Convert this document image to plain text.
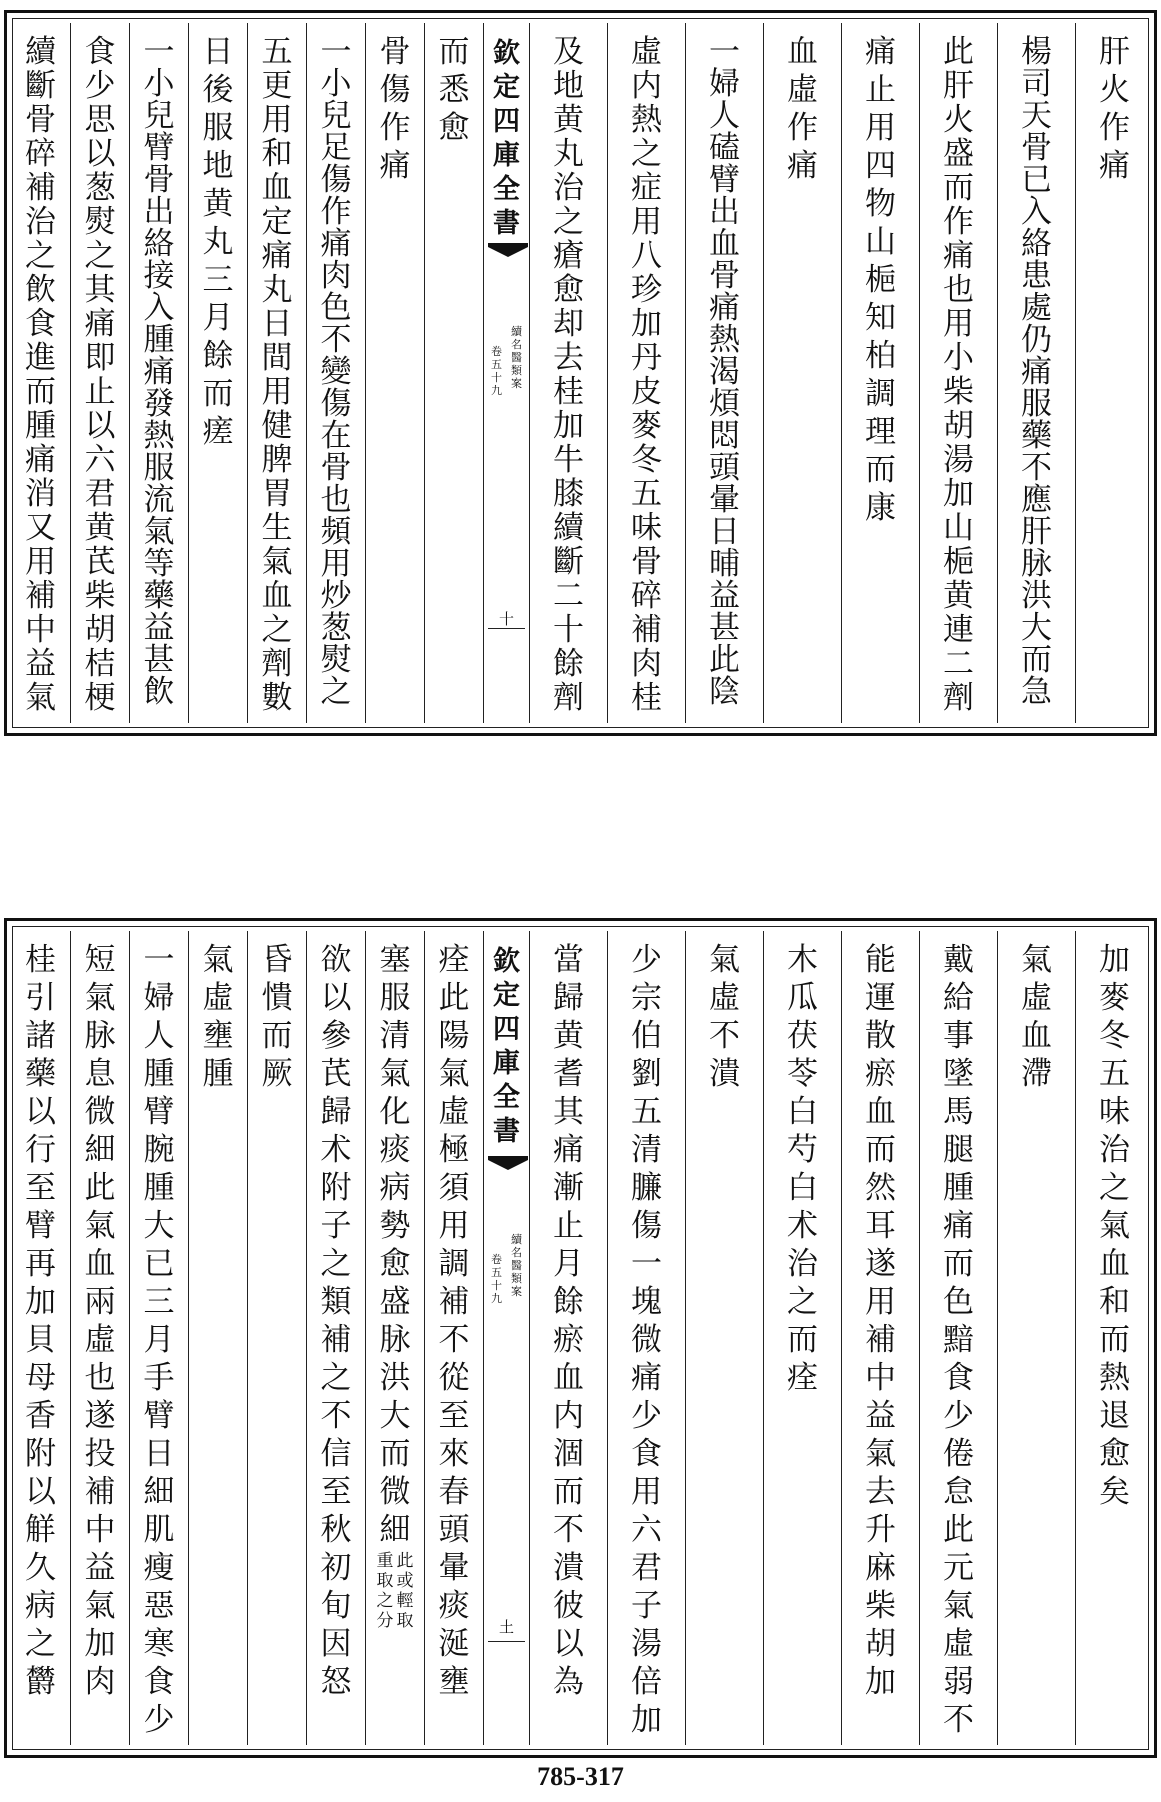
肝
火
作
痛
楊
司
天
骨
已
入
絡
患
處
仍
痛
服
藥
不
應
肝
脉
洪
大
而
急
此
肝
火
盛
而
作
痛
也
用
小
柴
胡
湯
加
山
梔
黄
連
二
劑
痛
止
用
四
物
山
梔
知
柏
調
理
而
康
血
虛
作
痛
一
婦
人
磕
臂
出
血
骨
痛
熱
渴
煩
悶
頭
暈
日
晡
益
甚
此
陰
虛
内
熱
之
症
用
八
珍
加
丹
皮
麥
冬
五
味
骨
碎
補
肉
桂
及
地
黄
丸
治
之
瘡
愈
却
去
桂
加
牛
膝
續
斷
二
十
餘
劑
欽
定
四
庫
全
書
續
名
醫
類
案
卷
五
十
九
十
而
悉
愈
骨
傷
作
痛
一
小
兒
足
傷
作
痛
肉
色
不
變
傷
在
骨
也
頻
用
炒
葱
熨
之
五
更
用
和
血
定
痛
丸
日
間
用
健
脾
胃
生
氣
血
之
劑
數
日
後
服
地
黄
丸
三
月
餘
而
瘥
一
小
兒
臂
骨
出
絡
接
入
腫
痛
發
熱
服
流
氣
等
藥
益
甚
飲
食
少
思
以
葱
熨
之
其
痛
即
止
以
六
君
黄
芪
柴
胡
桔
梗
續
斷
骨
碎
補
治
之
飲
食
進
而
腫
痛
消
又
用
補
中
益
氣
加
麥
冬
五
味
治
之
氣
血
和
而
熱
退
愈
矣
氣
虛
血
滯
戴
給
事
墜
馬
腿
腫
痛
而
色
黯
食
少
倦
怠
此
元
氣
虛
弱
不
能
運
散
瘀
血
而
然
耳
遂
用
補
中
益
氣
去
升
麻
柴
胡
加
木
瓜
茯
苓
白
芍
白
术
治
之
而
痊
氣
虛
不
潰
少
宗
伯
劉
五
清
臁
傷
一
塊
微
痛
少
食
用
六
君
子
湯
倍
加
當
歸
黄
耆
其
痛
漸
止
月
餘
瘀
血
内
涸
而
不
潰
彼
以
為
欽
定
四
庫
全
書
續
名
醫
類
案
卷
五
十
九
土
痊
此
陽
氣
虛
極
須
用
調
補
不
從
至
來
春
頭
暈
痰
涎
壅
塞
服
清
氣
化
痰
病
勢
愈
盛
脉
洪
大
而
微
細
重
取
之
分
此
或
輕
取
欲
以
參
芪
歸
术
附
子
之
類
補
之
不
信
至
秋
初
旬
因
怒
昏
憒
而
厥
氣
虛
壅
腫
一
婦
人
腫
臂
腕
腫
大
已
三
月
手
臂
日
細
肌
瘦
惡
寒
食
少
短
氣
脉
息
微
細
此
氣
血
兩
虛
也
遂
投
補
中
益
氣
加
肉
桂
引
諸
藥
以
行
至
臂
再
加
貝
母
香
附
以
觧
久
病
之
欝
785-317
